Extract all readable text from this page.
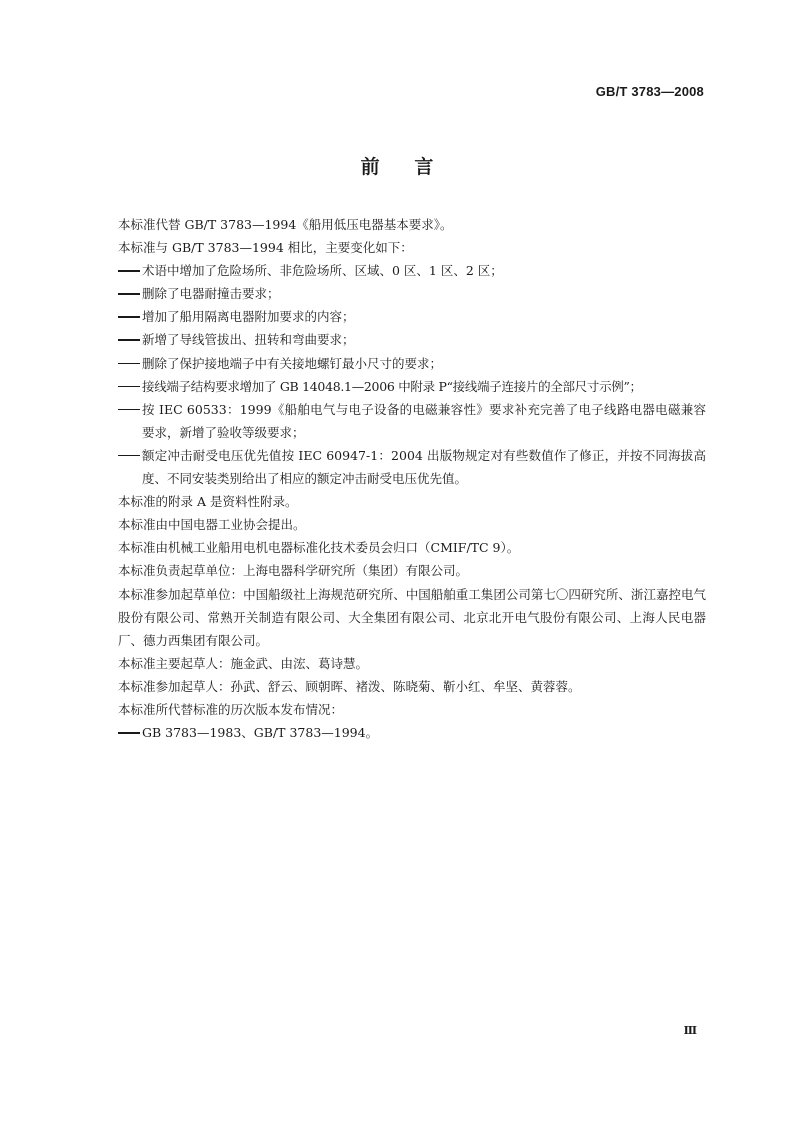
GB/T 3783—2008
前 言

本标准代替 GB/T 3783—1994《船用低压电器基本要求》。

本标准与 GB/T 3783—1994 相比，主要变化如下：

术语中增加了危险场所、非危险场所、区域、0 区、1 区、2 区；
删除了电器耐撞击要求；
增加了船用隔离电器附加要求的内容；
新增了导线管拔出、扭转和弯曲要求；
删除了保护接地端子中有关接地螺钉最小尺寸的要求；
接线端子结构要求增加了 GB 14048.1—2006 中附录 P“接线端子连接片的全部尺寸示例”；
按 IEC 60533：1999《船舶电气与电子设备的电磁兼容性》要求补充完善了电子线路电器电磁兼容要求，新增了验收等级要求；
额定冲击耐受电压优先值按 IEC 60947-1：2004 出版物规定对有些数值作了修正，并按不同海拔高度、不同安装类别给出了相应的额定冲击耐受电压优先值。

本标准的附录 A 是资料性附录。

本标准由中国电器工业协会提出。

本标准由机械工业船用电机电器标准化技术委员会归口（CMIF/TC 9）。

本标准负责起草单位：上海电器科学研究所（集团）有限公司。

本标准参加起草单位：中国船级社上海规范研究所、中国船舶重工集团公司第七〇四研究所、浙江嘉控电气股份有限公司、常熟开关制造有限公司、大全集团有限公司、北京北开电气股份有限公司、上海人民电器厂、德力西集团有限公司。

本标准主要起草人：施金武、由浤、葛诗慧。

本标准参加起草人：孙武、舒云、顾朝晖、褚泼、陈晓菊、靳小红、牟坚、黄蓉蓉。

本标准所代替标准的历次版本发布情况：

GB 3783—1983、GB/T 3783—1994。
Ⅲ
